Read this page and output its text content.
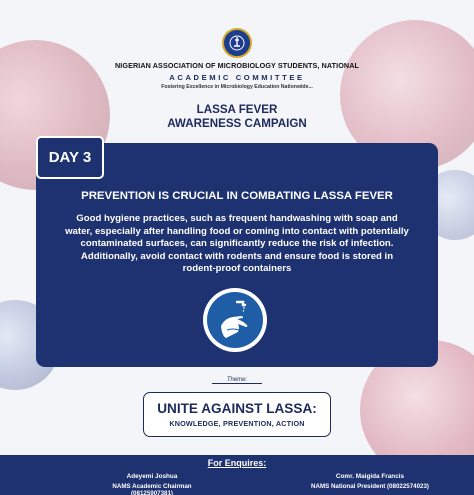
NIGERIAN ASSOCIATION OF MICROBIOLOGY STUDENTS, NATIONAL
ACADEMIC COMMITTEE
Fostering Excellence in Microbiology Education Nationwide...
LASSA FEVER
AWARENESS CAMPAIGN
DAY 3
PREVENTION IS CRUCIAL IN COMBATING LASSA FEVER
Good hygiene practices, such as frequent handwashing with soap and water, especially after handling food or coming into contact with potentially contaminated surfaces, can significantly reduce the risk of infection. Additionally, avoid contact with rodents and ensure food is stored in rodent-proof containers
Theme:
UNITE AGAINST LASSA:
KNOWLEDGE, PREVENTION, ACTION
For Enquires:
Adeyemi Joshua
NAMS Academic Chairman (08125907381)
Comr. Maigida Francis
NAMS National President (08022574023)
